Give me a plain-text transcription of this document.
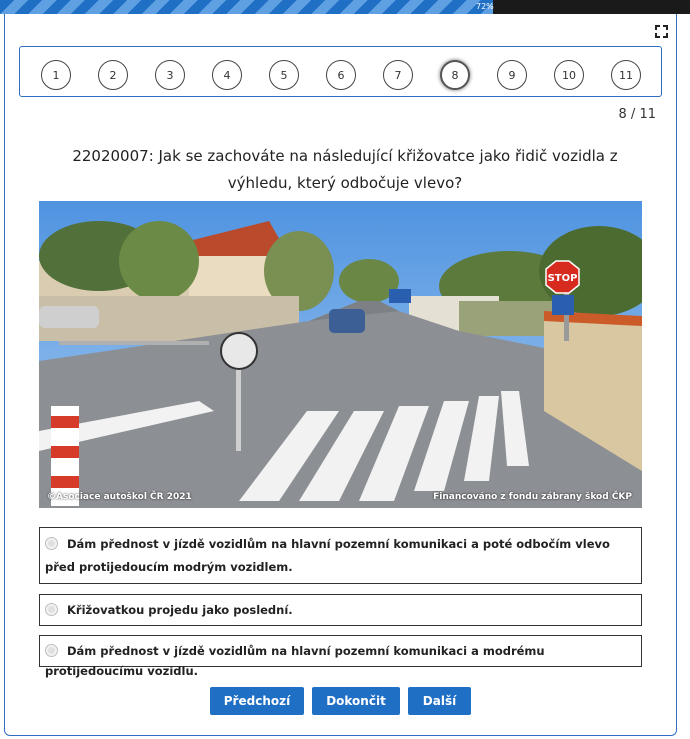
72%
1	2	3	4	5	6	7	8	9	10	11
8 / 11
22020007: Jak se zachováte na následující křižovatce jako řidič vozidla z výhledu, který odbočuje vlevo?
STOP
©Asociace autoškol ČR 2021	Financováno z fondu zábrany škod ČKP
Dám přednost v jízdě vozidlům na hlavní pozemní komunikaci a poté odbočím vlevo před protijedoucím modrým vozidlem.
Křižovatkou projedu jako poslední.
Dám přednost v jízdě vozidlům na hlavní pozemní komunikaci a modrému protijedoucímu vozidlu.
Předchozí	Dokončit	Další
